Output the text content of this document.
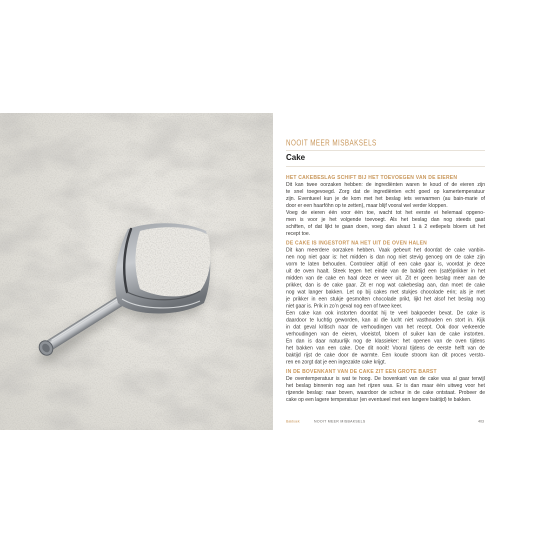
NOOIT MEER MISBAKSELS
Cake
HET CAKEBESLAG SCHIFT BIJ HET TOEVOEGEN VAN DE EIEREN
Dit kan twee oorzaken hebben: de ingrediënten waren te koud of de eieren zijn
te snel toegevoegd. Zorg dat de ingrediënten echt goed op kamertemperatuur
zijn. Eventueel kun je de kom met het beslag iets verwarmen (au bain-marie of
door er een haarföhn op te zetten), maar blijf vooral wel verder kloppen.
Voeg de eieren één voor één toe, wacht tot het eerste ei helemaal opgeno-
men is voor je het volgende toevoegt. Als het beslag dan nog steeds gaat
schiften, of dat lijkt te gaan doen, voeg dan alvast 1 à 2 eetlepels bloem uit het
recept toe.
DE CAKE IS INGESTORT NA HET UIT DE OVEN HALEN
Dit kan meerdere oorzaken hebben. Vaak gebeurt het doordat de cake vanbin-
nen nog niet gaar is: het midden is dan nog niet stevig genoeg om de cake zijn
vorm te laten behouden. Controleer altijd of een cake gaar is, voordat je deze
uit de oven haalt. Steek tegen het einde van de baktijd een (saté)prikker in het
midden van de cake en haal deze er weer uit. Zit er geen beslag meer aan de
prikker, dan is de cake gaar. Zit er nog wat cakebeslag aan, dan moet de cake
nog wat langer bakken. Let op bij cakes met stukjes chocolade erin; als je met
je prikker in een stukje gesmolten chocolade prikt, lijkt het alsof het beslag nog
niet gaar is. Prik in zo’n geval nog een of twee keer.
Een cake kan ook instorten doordat hij te veel bakpoeder bevat. De cake is
daardoor te luchtig geworden, kan al die lucht niet vasthouden en stort in. Kijk
in dat geval kritisch naar de verhoudingen van het recept. Ook door verkeerde
verhoudingen van de eieren, vloeistof, bloem of suiker kan de cake instorten.
En dan is daar natuurlijk nog de klassieker: het openen van de oven tijdens
het bakken van een cake. Doe dit nooit! Vooral tijdens de eerste helft van de
baktijd rijst de cake door de warmte. Een koude stroom kan dit proces versto-
ren en zorgt dat je een ingezakte cake krijgt.
IN DE BOVENKANT VAN DE CAKE ZIT EEN GROTE BARST
De oventemperatuur is wat te hoog. De bovenkant van de cake was al gaar terwijl
het beslag binnenin nog aan het rijzen was. Er is dan maar één uitweg voor het
rijzende beslag: naar boven, waardoor de scheur in de cake ontstaat. Probeer de
cake op een lagere temperatuur (en eventueel met een langere baktijd) te bakken.
Bakboek NOOIT MEER MISBAKSELS	403
